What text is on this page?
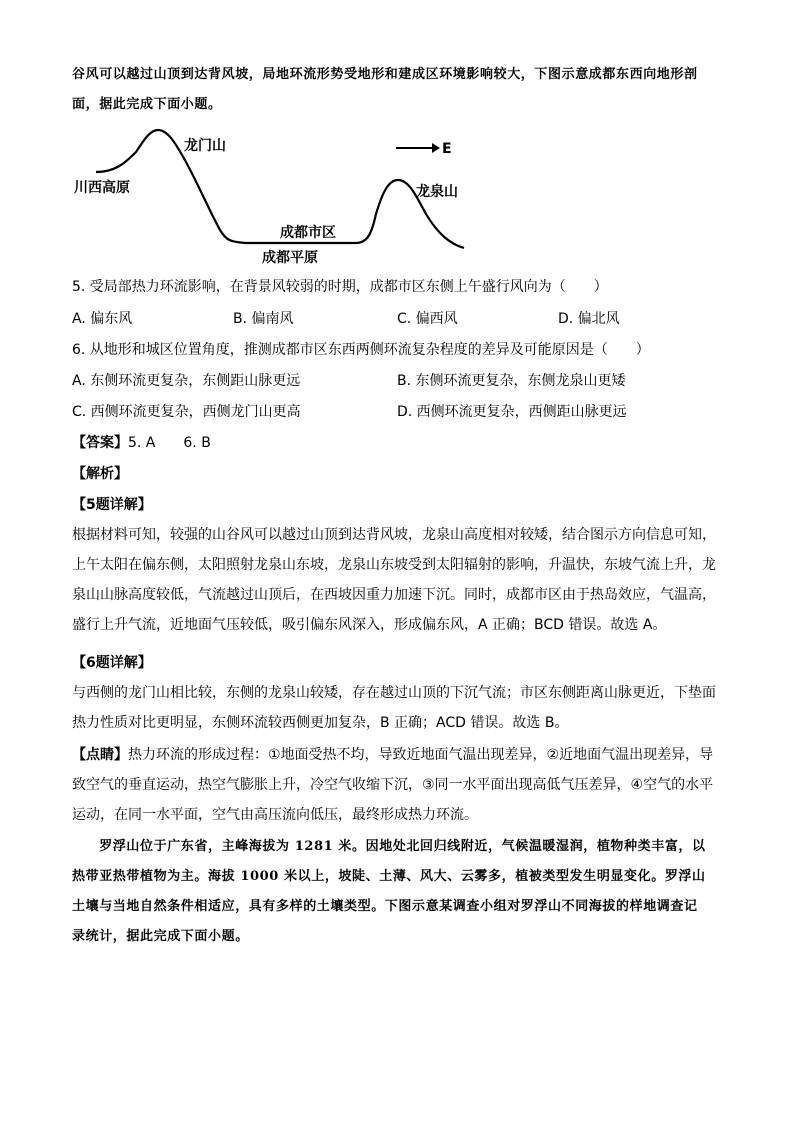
谷风可以越过山顶到达背风坡，局地环流形势受地形和建成区环境影响较大，下图示意成都东西向地形剖
面，据此完成下面小题。
龙门山
川西高原
E
龙泉山
成都市区
成都平原
5. 受局部热力环流影响，在背景风较弱的时期，成都市区东侧上午盛行风向为（　　）
A. 偏东风	B. 偏南风	C. 偏西风	D. 偏北风
6. 从地形和城区位置角度，推测成都市区东西两侧环流复杂程度的差异及可能原因是（　　）
A. 东侧环流更复杂，东侧距山脉更远	B. 东侧环流更复杂，东侧龙泉山更矮
C. 西侧环流更复杂，西侧龙门山更高	D. 西侧环流更复杂，西侧距山脉更远
【答案】5. A　　6. B
【解析】
【5题详解】
根据材料可知，较强的山谷风可以越过山顶到达背风坡，龙泉山高度相对较矮，结合图示方向信息可知，
上午太阳在偏东侧，太阳照射龙泉山东坡，龙泉山东坡受到太阳辐射的影响，升温快，东坡气流上升，龙
泉山山脉高度较低，气流越过山顶后，在西坡因重力加速下沉。同时，成都市区由于热岛效应，气温高，
盛行上升气流，近地面气压较低，吸引偏东风深入，形成偏东风，A 正确；BCD 错误。故选 A。
【6题详解】
与西侧的龙门山相比较，东侧的龙泉山较矮，存在越过山顶的下沉气流；市区东侧距离山脉更近，下垫面
热力性质对比更明显，东侧环流较西侧更加复杂，B 正确；ACD 错误。故选 B。
【点睛】热力环流的形成过程：①地面受热不均，导致近地面气温出现差异，②近地面气温出现差异，导
致空气的垂直运动，热空气膨胀上升，冷空气收缩下沉，③同一水平面出现高低气压差异，④空气的水平
运动，在同一水平面，空气由高压流向低压，最终形成热力环流。
　　罗浮山位于广东省，主峰海拔为 1281 米。因地处北回归线附近，气候温暖湿润，植物种类丰富，以
热带亚热带植物为主。海拔 1000 米以上，坡陡、土薄、风大、云雾多，植被类型发生明显变化。罗浮山
土壤与当地自然条件相适应，具有多样的土壤类型。下图示意某调查小组对罗浮山不同海拔的样地调查记
录统计，据此完成下面小题。
